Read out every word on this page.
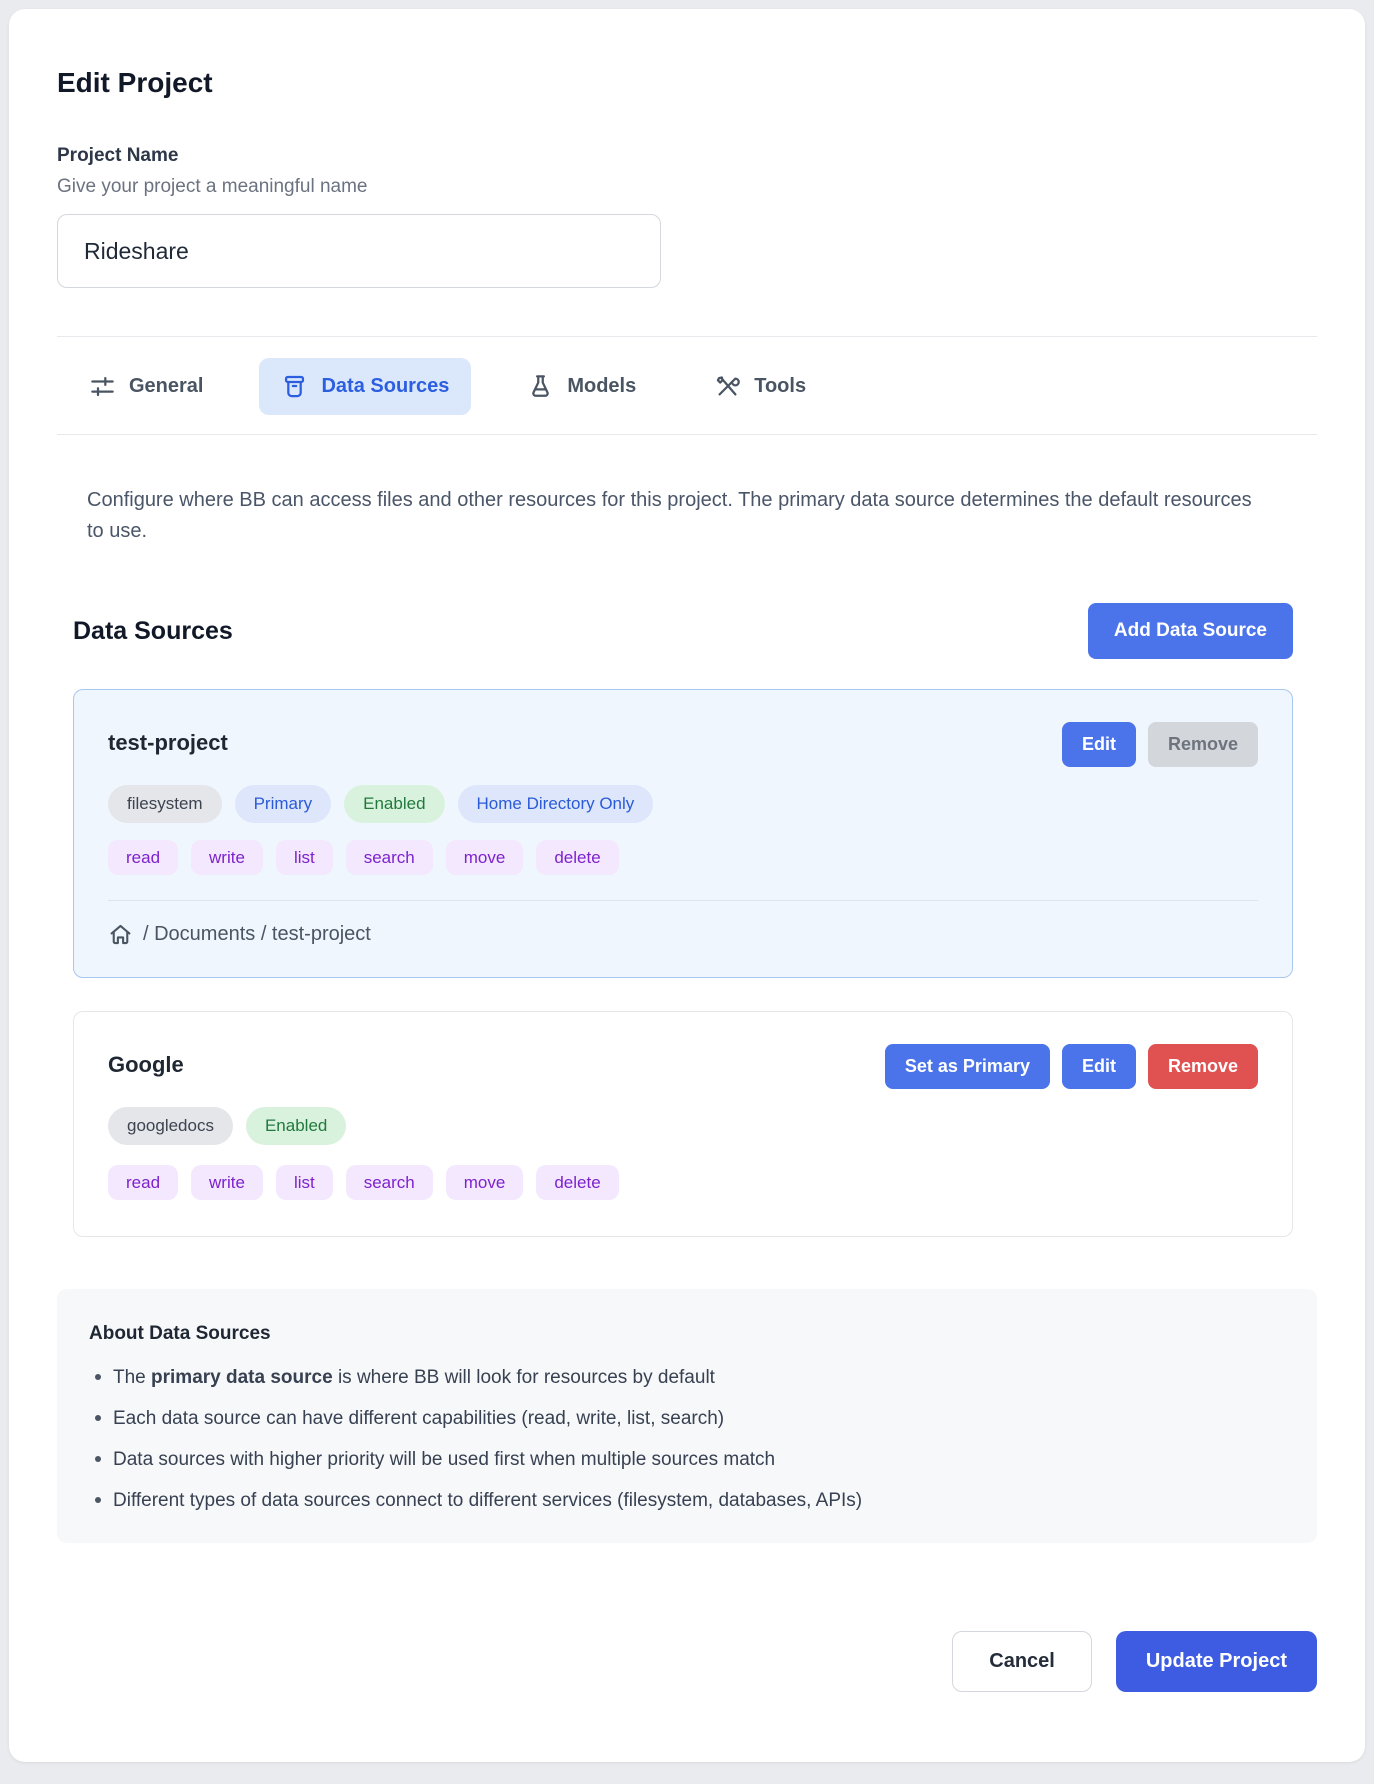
Edit Project
Project Name
Give your project a meaningful name
Rideshare
General	Data Sources	Models	Tools

Configure where BB can access files and other resources for this project. The primary data source determines the default resources to use.

Data Sources	Add Data Source
test-project	Edit	Remove
filesystem	Primary	Enabled	Home Directory Only
read	write	list	search	move	delete
/ Documents / test-project
Google	Set as Primary	Edit	Remove
googledocs	Enabled
read	write	list	search	move	delete
About Data Sources
The primary data source is where BB will look for resources by default
Each data source can have different capabilities (read, write, list, search)
Data sources with higher priority will be used first when multiple sources match
Different types of data sources connect to different services (filesystem, databases, APIs)
Cancel	Update Project
